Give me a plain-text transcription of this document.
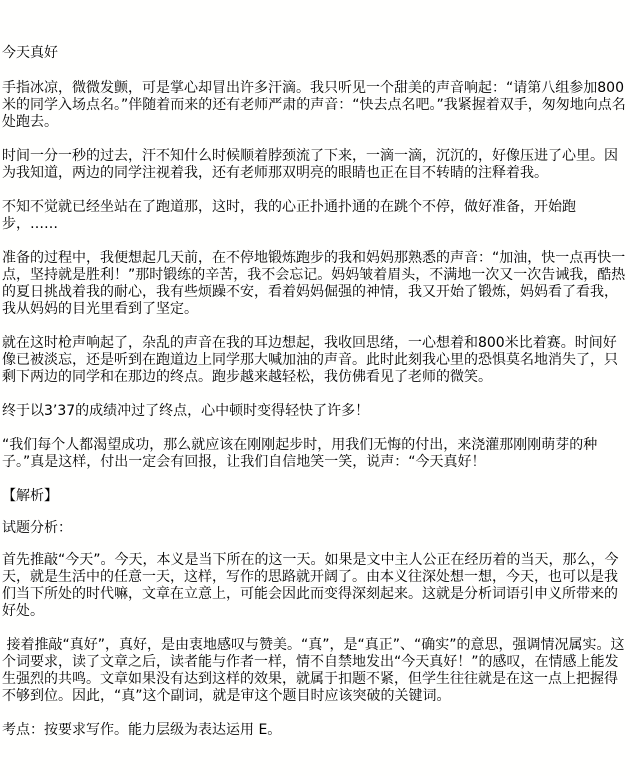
今天真好

手指冰凉，微微发颤，可是掌心却冒出许多汗滴。我只听见一个甜美的声音响起：“请第八组参加800米的同学入场点名。”伴随着而来的还有老师严肃的声音：“快去点名吧。”我紧握着双手，匆匆地向点名处跑去。

时间一分一秒的过去，汗不知什么时候顺着脖颈流了下来，一滴一滴，沉沉的，好像压进了心里。因为我知道，两边的同学注视着我，还有老师那双明亮的眼睛也正在目不转睛的注释着我。

不知不觉就已经坐站在了跑道那，这时，我的心正扑通扑通的在跳个不停，做好准备，开始跑步，……

准备的过程中，我便想起几天前，在不停地锻炼跑步的我和妈妈那熟悉的声音：“加油，快一点再快一点，坚持就是胜利！”那时锻练的辛苦，我不会忘记。妈妈皱着眉头，不满地一次又一次告诫我，酷热的夏日挑战着我的耐心，我有些烦躁不安，看着妈妈倔强的神情，我又开始了锻炼，妈妈看了看我，我从妈妈的目光里看到了坚定。

就在这时枪声响起了，杂乱的声音在我的耳边想起，我收回思绪，一心想着和800米比着赛。时间好像已被淡忘，还是听到在跑道边上同学那大喊加油的声音。此时此刻我心里的恐惧莫名地消失了，只剩下两边的同学和在那边的终点。跑步越来越轻松，我仿佛看见了老师的微笑。

终于以3’37的成绩冲过了终点，心中顿时变得轻快了许多！

“我们每个人都渴望成功，那么就应该在刚刚起步时，用我们无悔的付出，来浇灌那刚刚萌芽的种子。”真是这样，付出一定会有回报，让我们自信地笑一笑，说声：“今天真好！

【解析】

试题分析：

首先推敲“今天”。今天，本义是当下所在的这一天。如果是文中主人公正在经历着的当天，那么，今天，就是生活中的任意一天，这样，写作的思路就开阔了。由本义往深处想一想，今天，也可以是我们当下所处的时代嘛，文章在立意上，可能会因此而变得深刻起来。这就是分析词语引申义所带来的好处。

接着推敲“真好”，真好，是由衷地感叹与赞美。“真”，是“真正”、“确实”的意思，强调情况属实。这个词要求，读了文章之后，读者能与作者一样，情不自禁地发出“今天真好！”的感叹，在情感上能发生强烈的共鸣。文章如果没有达到这样的效果，就属于扣题不紧，但学生往往就是在这一点上把握得不够到位。因此，“真”这个副词，就是审这个题目时应该突破的关键词。

考点：按要求写作。能力层级为表达运用 E。
